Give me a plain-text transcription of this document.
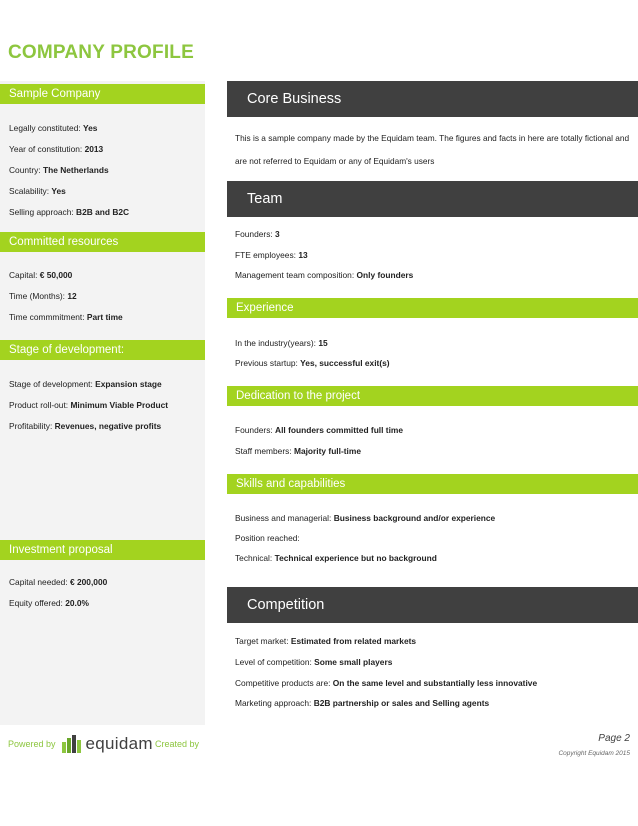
COMPANY PROFILE
Sample Company
Legally constituted: Yes
Year of constitution: 2013
Country: The Netherlands
Scalability: Yes
Selling approach: B2B and B2C
Committed resources
Capital: € 50,000
Time (Months): 12
Time commmitment: Part time
Stage of development:
Stage of development: Expansion stage
Product roll-out: Minimum Viable Product
Profitability: Revenues, negative profits
Investment proposal
Capital needed: € 200,000
Equity offered: 20.0%
Core Business
This is a sample company made by the Equidam team. The figures and facts in here are totally fictional and are not referred to Equidam or any of Equidam's users
Team
Founders: 3
FTE employees: 13
Management team composition: Only founders
Experience
In the industry(years): 15
Previous startup: Yes, successful exit(s)
Dedication to the project
Founders: All founders committed full time
Staff members: Majority full-time
Skills and capabilities
Business and managerial: Business background and/or experience
Position reached:
Technical: Technical experience but no background
Competition
Target market: Estimated from related markets
Level of competition: Some small players
Competitive products are: On the same level and substantially less innovative
Marketing approach: B2B partnership or sales and Selling agents
Powered by equidam Created by	Page 2
Copyright Equidam 2015
